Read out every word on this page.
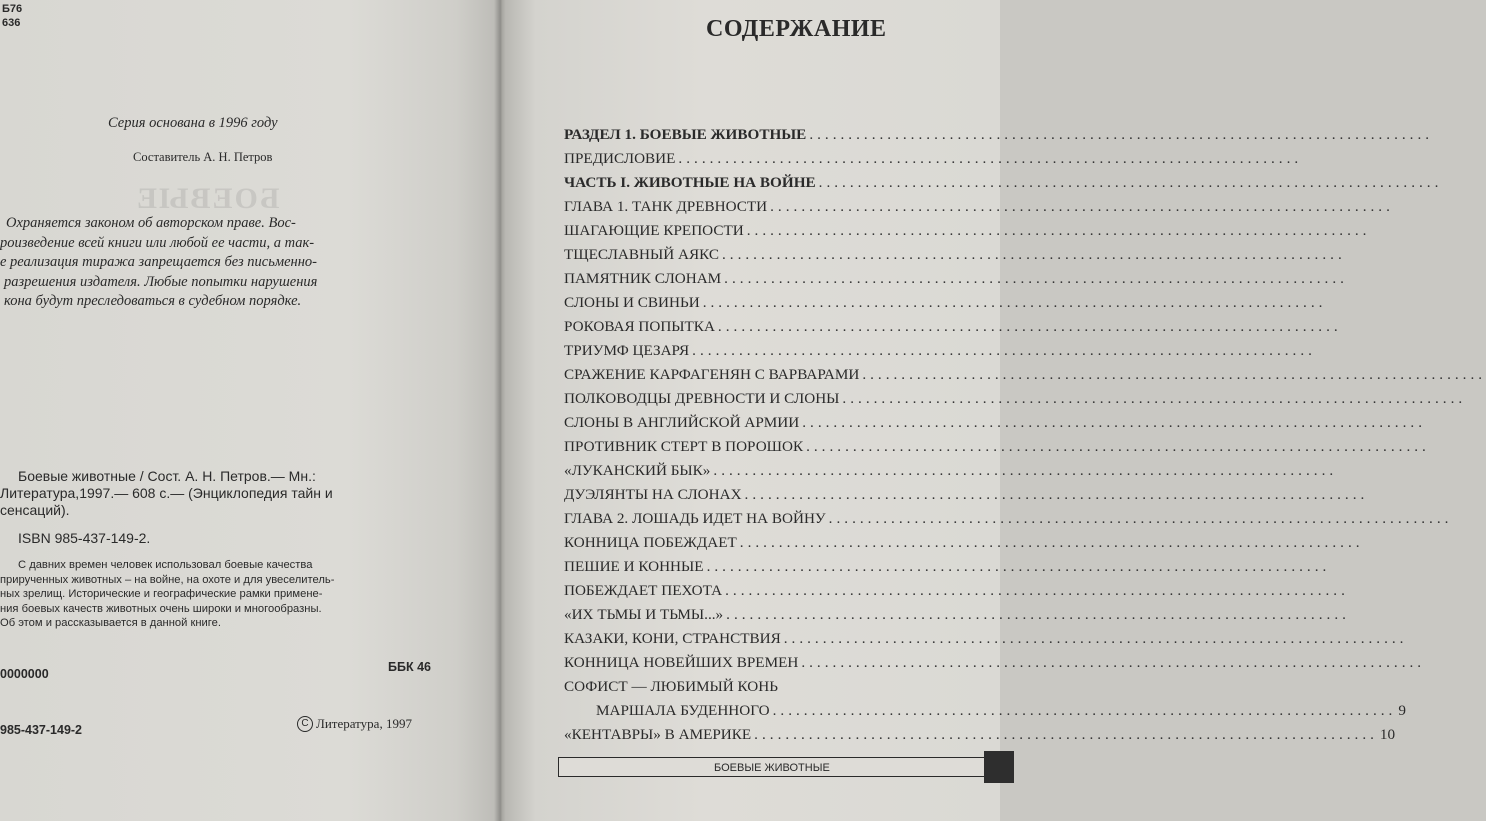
Б76
636
Серия основана в 1996 году
Составитель А. Н. Петров
БОЕВЫЕ
Охраняется законом об авторском праве. Вос-
роизведение всей книги или любой ее части, а так-
е реализация тиража запрещается без письменно-
разрешения издателя. Любые попытки нарушения
кона будут преследоваться в судебном порядке.
Боевые животные / Сост. А. Н. Петров.— Мн.:
Литература,1997.— 608 с.— (Энциклопедия тайн и
сенсаций).
ISBN 985-437-149-2.
С давних времен человек использовал боевые качества
прирученных животных – на войне, на охоте и для увеселитель-
ных зрелищ. Исторические и географические рамки примене-
ния боевых качеств животных очень широки и многообразны.
Об этом и рассказывается в данной книге.
0000000	ББК 46
985-437-149-2	C Литература, 1997
СОДЕРЖАНИЕ
РАЗДЕЛ 1. БОЕВЫЕ ЖИВОТНЫЕ ................................................................................
ПРЕДИСЛОВИЕ ................................................................................
ЧАСТЬ I. ЖИВОТНЫЕ НА ВОЙНЕ ................................................................................
ГЛАВА 1. ТАНК ДРЕВНОСТИ ................................................................................
ШАГАЮЩИЕ КРЕПОСТИ ................................................................................
ТЩЕСЛАВНЫЙ АЯКС ................................................................................
ПАМЯТНИК СЛОНАМ ................................................................................
СЛОНЫ И СВИНЬИ ................................................................................
РОКОВАЯ ПОПЫТКА ................................................................................
ТРИУМФ ЦЕЗАРЯ ................................................................................
СРАЖЕНИЕ КАРФАГЕНЯН С ВАРВАРАМИ ................................................................................
ПОЛКОВОДЦЫ ДРЕВНОСТИ И СЛОНЫ ................................................................................
СЛОНЫ В АНГЛИЙСКОЙ АРМИИ ................................................................................
ПРОТИВНИК СТЕРТ В ПОРОШОК ................................................................................
«ЛУКАНСКИЙ БЫК» ................................................................................
ДУЭЛЯНТЫ НА СЛОНАХ ................................................................................
ГЛАВА 2. ЛОШАДЬ ИДЕТ НА ВОЙНУ ................................................................................
КОННИЦА ПОБЕЖДАЕТ ................................................................................
ПЕШИЕ И КОННЫЕ ................................................................................
ПОБЕЖДАЕТ ПЕХОТА ................................................................................
«ИХ ТЬМЫ И ТЬМЫ...» ................................................................................
КАЗАКИ, КОНИ, СТРАНСТВИЯ ................................................................................
КОННИЦА НОВЕЙШИХ ВРЕМЕН ................................................................................
СОФИСТ — ЛЮБИМЫЙ КОНЬ
МАРШАЛА БУДЕННОГО ................................................................................ 9
«КЕНТАВРЫ» В АМЕРИКЕ ................................................................................ 10
БОЕВЫЕ ЖИВОТНЫЕ
